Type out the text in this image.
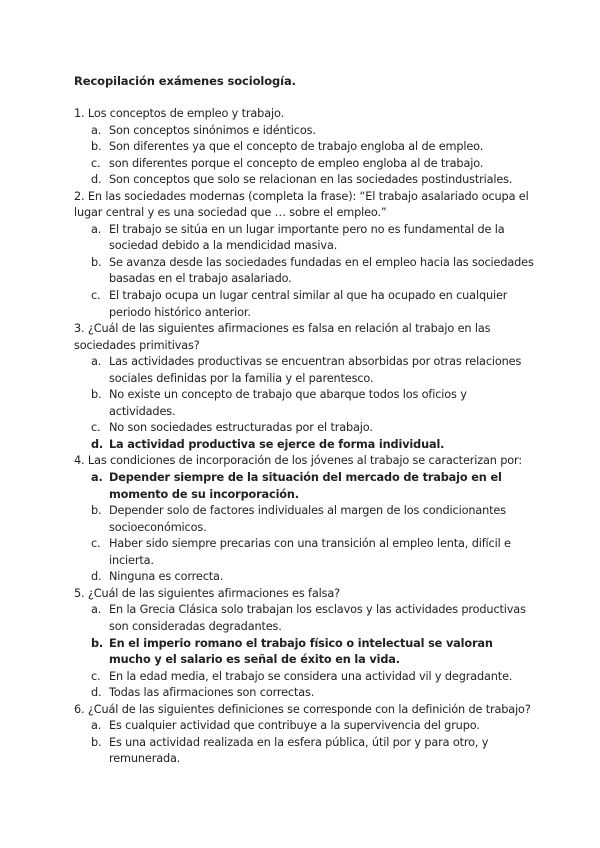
Recopilación exámenes sociología.

1. Los conceptos de empleo y trabajo.

a. Son conceptos sinónimos e idénticos.

b. Son diferentes ya que el concepto de trabajo engloba al de empleo.

c. son diferentes porque el concepto de empleo engloba al de trabajo.

d. Son conceptos que solo se relacionan en las sociedades postindustriales.

2. En las sociedades modernas (completa la frase): “El trabajo asalariado ocupa el lugar central y es una sociedad que … sobre el empleo.”

a. El trabajo se sitúa en un lugar importante pero no es fundamental de la sociedad debido a la mendicidad masiva.

b. Se avanza desde las sociedades fundadas en el empleo hacia las sociedades basadas en el trabajo asalariado.

c. El trabajo ocupa un lugar central similar al que ha ocupado en cualquier periodo histórico anterior.

3. ¿Cuál de las siguientes afirmaciones es falsa en relación al trabajo en las sociedades primitivas?

a. Las actividades productivas se encuentran absorbidas por otras relaciones sociales definidas por la familia y el parentesco.

b. No existe un concepto de trabajo que abarque todos los oficios y actividades.

c. No son sociedades estructuradas por el trabajo.

d. La actividad productiva se ejerce de forma individual.

4. Las condiciones de incorporación de los jóvenes al trabajo se caracterizan por:

a. Depender siempre de la situación del mercado de trabajo en el momento de su incorporación.

b. Depender solo de factores individuales al margen de los condicionantes socioeconómicos.

c. Haber sido siempre precarias con una transición al empleo lenta, difícil e incierta.

d. Ninguna es correcta.

5. ¿Cuál de las siguientes afirmaciones es falsa?

a. En la Grecia Clásica solo trabajan los esclavos y las actividades productivas son consideradas degradantes.

b. En el imperio romano el trabajo físico o intelectual se valoran mucho y el salario es señal de éxito en la vida.

c. En la edad media, el trabajo se considera una actividad vil y degradante.

d. Todas las afirmaciones son correctas.

6. ¿Cuál de las siguientes definiciones se corresponde con la definición de trabajo?

a. Es cualquier actividad que contribuye a la supervivencia del grupo.

b. Es una actividad realizada en la esfera pública, útil por y para otro, y remunerada.
